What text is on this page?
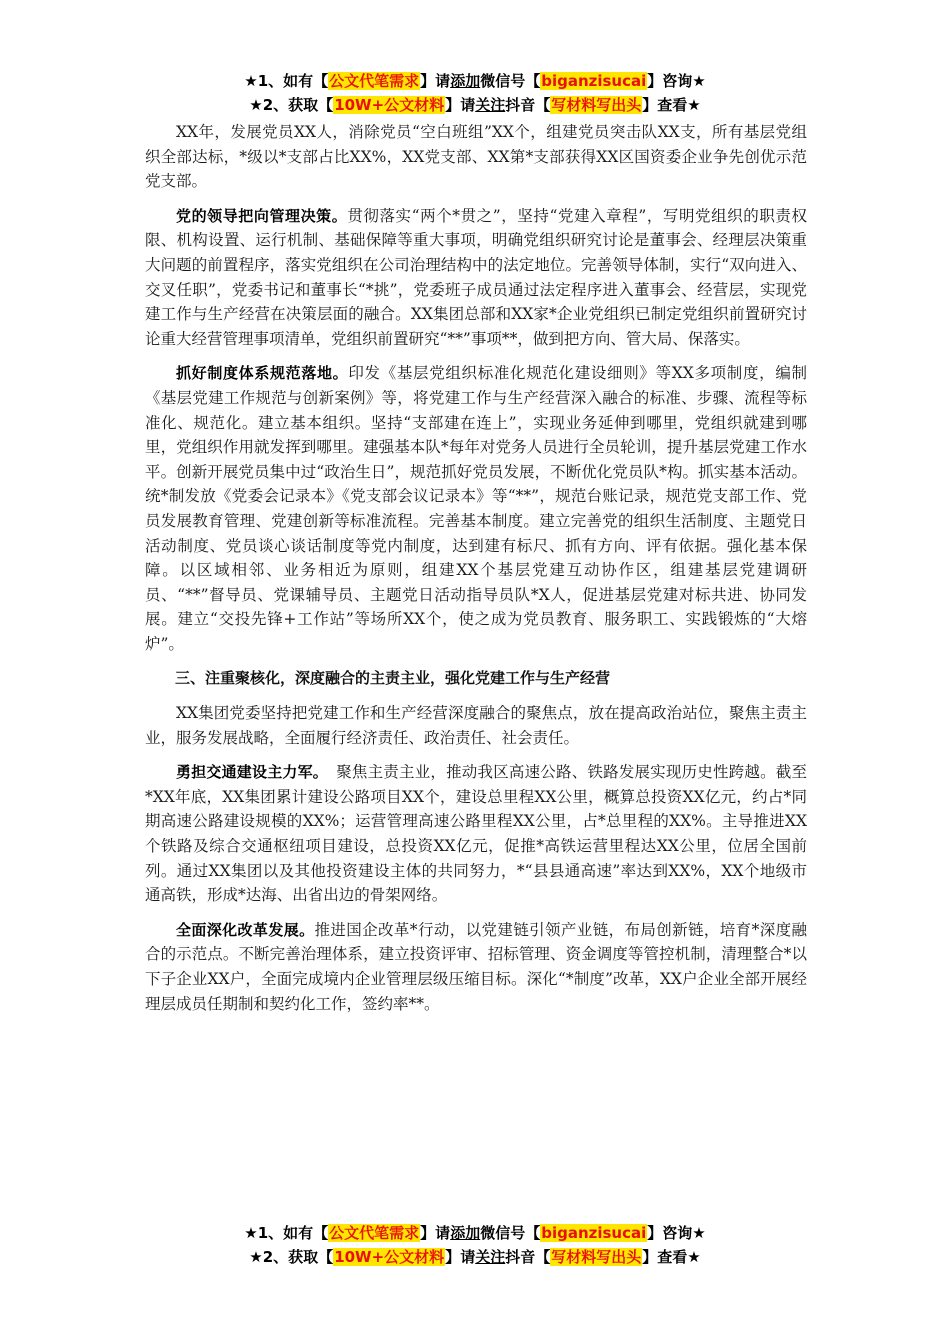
★1、如有【公文代笔需求】请添加微信号【biganzisucai】咨询★
★2、获取【10W+公文材料】请关注抖音【写材料写出头】查看★

XX年，发展党员XX人，消除党员“空白班组”XX个，组建党员突击队XX支，所有基层党组织全部达标，*级以*支部占比XX%，XX党支部、XX第*支部获得XX区国资委企业争先创优示范党支部。

党的领导把向管理决策。贯彻落实“两个*贯之”，坚持“党建入章程”，写明党组织的职责权限、机构设置、运行机制、基础保障等重大事项，明确党组织研究讨论是董事会、经理层决策重大问题的前置程序，落实党组织在公司治理结构中的法定地位。完善领导体制，实行“双向进入、交叉任职”，党委书记和董事长“*挑”，党委班子成员通过法定程序进入董事会、经营层，实现党建工作与生产经营在决策层面的融合。XX集团总部和XX家*企业党组织已制定党组织前置研究讨论重大经营管理事项清单，党组织前置研究“**”事项**，做到把方向、管大局、保落实。

抓好制度体系规范落地。印发《基层党组织标准化规范化建设细则》等XX多项制度，编制《基层党建工作规范与创新案例》等，将党建工作与生产经营深入融合的标准、步骤、流程等标准化、规范化。建立基本组织。坚持“支部建在连上”，实现业务延伸到哪里，党组织就建到哪里，党组织作用就发挥到哪里。建强基本队*每年对党务人员进行全员轮训，提升基层党建工作水平。创新开展党员集中过“政治生日”，规范抓好党员发展，不断优化党员队*构。抓实基本活动。统*制发放《党委会记录本》《党支部会议记录本》等“**”，规范台账记录，规范党支部工作、党员发展教育管理、党建创新等标准流程。完善基本制度。建立完善党的组织生活制度、主题党日活动制度、党员谈心谈话制度等党内制度，达到建有标尺、抓有方向、评有依据。强化基本保障。以区域相邻、业务相近为原则，组建XX个基层党建互动协作区，组建基层党建调研员、“**”督导员、党课辅导员、主题党日活动指导员队*X人，促进基层党建对标共进、协同发展。建立“交投先锋+工作站”等场所XX个，使之成为党员教育、服务职工、实践锻炼的“大熔炉”。

三、注重聚核化，深度融合的主责主业，强化党建工作与生产经营

XX集团党委坚持把党建工作和生产经营深度融合的聚焦点，放在提高政治站位，聚焦主责主业，服务发展战略，全面履行经济责任、政治责任、社会责任。

勇担交通建设主力军。　聚焦主责主业，推动我区高速公路、铁路发展实现历史性跨越。截至*XX年底，XX集团累计建设公路项目XX个，建设总里程XX公里，概算总投资XX亿元，约占*同期高速公路建设规模的XX%；运营管理高速公路里程XX公里，占*总里程的XX%。主导推进XX个铁路及综合交通枢纽项目建设，总投资XX亿元，促推*高铁运营里程达XX公里，位居全国前列。通过XX集团以及其他投资建设主体的共同努力，*“县县通高速”率达到XX%，XX个地级市通高铁，形成*达海、出省出边的骨架网络。

全面深化改革发展。推进国企改革*行动，以党建链引领产业链，布局创新链，培育*深度融合的示范点。不断完善治理体系，建立投资评审、招标管理、资金调度等管控机制，清理整合*以下子企业XX户，全面完成境内企业管理层级压缩目标。深化“*制度”改革，XX户企业全部开展经理层成员任期制和契约化工作，签约率**。

★1、如有【公文代笔需求】请添加微信号【biganzisucai】咨询★
★2、获取【10W+公文材料】请关注抖音【写材料写出头】查看★
